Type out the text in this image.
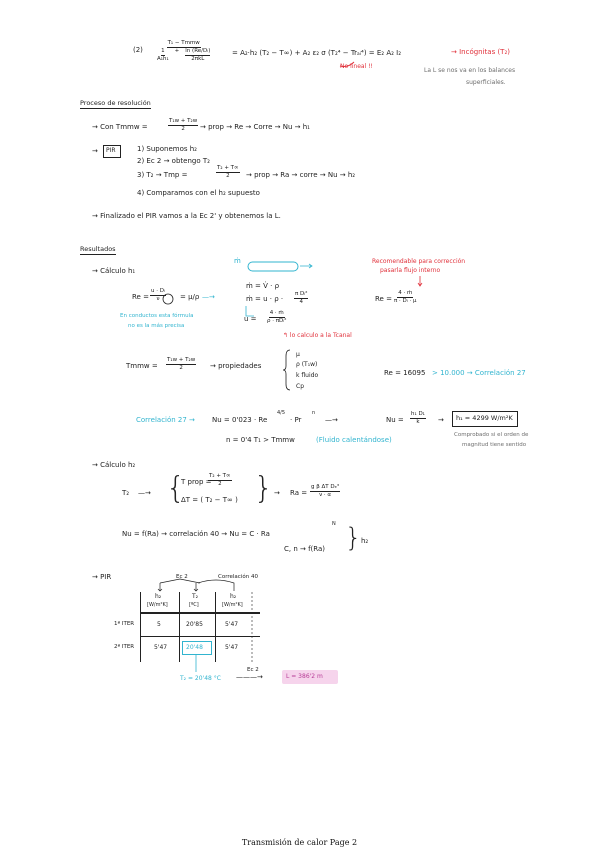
(2)
T₁ − Tmmw
1
A₁h₁
+ ln (Re/Dᵢ)
2πkL
= A₂·h₂ (T₂ − T∞) + A₂ ε₂ σ (T₂⁴ − Trₐᵢ⁴) = E₂ A₂ I₂	→ Incógnitas (T₂)
No lineal !!
La L se nos va en los balances
superficiales.
Proceso de resolución
→ Con Tmmw =	$\frac{\text{T₁w + T₂w}}{2}$ → prop → Re → Corre → Nu → h₁
→ PIR	1) Suponemos h₂
2) Ec 2 → obtengo T₂
3) T₂ → Tmp =	$\frac{\text{T₂ + T∞}}{2}$ → prop → Ra → corre → Nu → h₂
4) Comparamos con el h₂ supuesto
→ Finalizado el PIR vamos a la Ec 2' y obtenemos la L.
Resultados
→ Cálculo h₁
$Re = \frac{\text{u · Dᵢ}}{\nu} = \mu/\rho$ —→
En conductos esta fórmula
no es la más precisa
ṁ
ṁ = V̇ · ρ
ṁ = $u \cdot \rho \cdot \frac{\text{π Dᵢ²}}{4}$
u =
4 · ṁ
ρ · πDᵢ²
↰ lo calculo a la Tcanal
Recomendable para corrección
pasarla flujo interno
$Re = \frac{\text{4 · ṁ}}{\text{π · Dᵢ · μ}}$
Tmmw = $\frac{\text{T₁w + T₂w}}{2}$ → propiedades
μ
ρ (T₁w)
k fluido
Cp
Re = 16095 > 10.000 → Correlación 27
Correlación 27 → Nu = 0'023 · Re
4/5
· Pr
n
—→	$Nu = \frac{\text{h₁ D₁}}{k} \to h_1 = 4299$ W/m²K
Comprobado si el orden de
magnitud tiene sentido
n = 0'4 T₁ > Tmmw	(Fluido calentándose)
→ Cálculo h₂
T₂ —→ {
T prop =
$\frac{\text{T₂ + T∞}}{2}$
ΔT = ( T₂ − T∞ ) } → $Ra = \frac{\text{g β ΔT Dₑ³}}{\nu \cdot \alpha}$
Nu = f(Ra) → correlación 40 → Nu = C · Ra
N
C, n → f(Ra) } h₂
→ PIR	Ec 2	Correlación 40
h₂
[W/m²K]
T₂
[ºC]
h₂
[W/m²K]
1ª ITER	5	20'85	5'47
2ª ITER	5'47	20'48	5'47
T₂ = 20'48 °C
Ec 2
———→	L = 386'2 m
Transmisión de calor Page 2
